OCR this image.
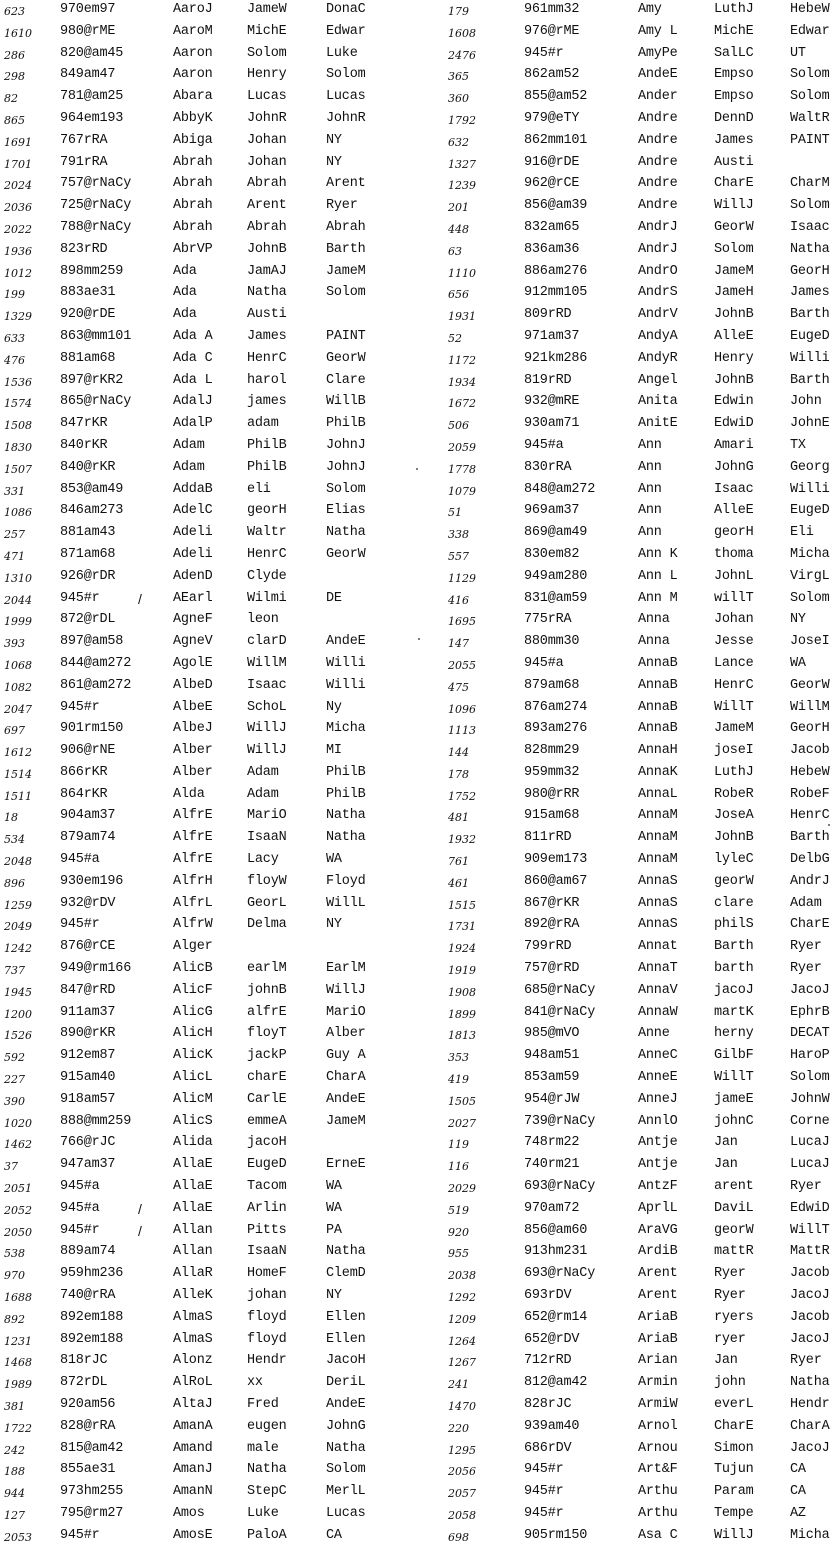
623	970em97	AaroJ	JameW	DonaC
1610 980@rME	AaroM	MichE	Edwar
286	820@am45	Aaron	Solom	Luke
298	849am47	Aaron	Henry	Solom
82	781@am25	Abara	Lucas	Lucas
865	964em193	AbbyK	JohnR	JohnR
1691 767rRA	Abiga	Johan	NY
1701 791rRA	Abrah	Johan	NY
2024 757@rNaCy	Abrah	Abrah	Arent
2036 725@rNaCy	Abrah	Arent	Ryer
2022 788@rNaCy	Abrah	Abrah	Abrah
1936 823rRD	AbrVP	JohnB	Barth
1012 898mm259	Ada	JamAJ	JameM
199	883ae31	Ada	Natha	Solom
1329 920@rDE	Ada	Austi
633	863@mm101	Ada A	James	PAINT
476	881am68	Ada C	HenrC	GeorW
1536 897@rKR2	Ada L	harol	Clare
1574 865@rNaCy	AdalJ	james	WillB
1508 847rKR	AdalP	adam	PhilB
1830 840rKR	Adam	PhilB	JohnJ
1507 840@rKR	Adam	PhilB	JohnJ
331	853@am49	AddaB	eli	Solom
1086 846am273	AdelC	georH	Elias
257	881am43	Adeli	Waltr	Natha
471	871am68	Adeli	HenrC	GeorW
1310 926@rDR	AdenD	Clyde
2044 945#r	AEarl	Wilmi	DE
/
1999 872@rDL	AgneF	leon
393	897@am58	AgneV	clarD	AndeE
1068 844@am272	AgolE	WillM	Willi
1082 861@am272	AlbeD	Isaac	Willi
2047 945#r	AlbeE	SchoL	Ny
697	901rm150	AlbeJ	WillJ	Micha
1612 906@rNE	Alber	WillJ	MI
1514 866rKR	Alber	Adam	PhilB
1511 864rKR	Alda	Adam	PhilB
18	904am37	AlfrE	MariO	Natha
534	879am74	AlfrE	IsaaN	Natha
2048 945#a	AlfrE	Lacy	WA
896	930em196	AlfrH	floyW	Floyd
1259 932@rDV	AlfrL	GeorL	WillL
2049 945#r	AlfrW	Delma	NY
1242 876@rCE	Alger
737	949@rm166	AlicB	earlM	EarlM
1945 847@rRD	AlicF	johnB	WillJ
1200 911am37	AlicG	alfrE	MariO
1526 890@rKR	AlicH	floyT	Alber
592	912em87	AlicK	jackP	Guy A
227	915am40	AlicL	charE	CharA
390	918am57	AlicM	CarlE	AndeE
1020 888@mm259	AlicS	emmeA	JameM
1462 766@rJC	Alida	jacoH
37	947am37	AllaE	EugeD	ErneE
2051 945#a	AllaE	Tacom	WA
2052 945#a	AllaE	Arlin	WA
/
2050 945#r	Allan	Pitts	PA
/
538	889am74	Allan	IsaaN	Natha
970	959hm236	AllaR	HomeF	ClemD
1688 740@rRA	AlleK	johan	NY
892	892em188	AlmaS	floyd	Ellen
1231 892em188	AlmaS	floyd	Ellen
1468 818rJC	Alonz	Hendr	JacoH
1989 872rDL	AlRoL	xx	DeriL
381	920am56	AltaJ	Fred	AndeE
1722 828@rRA	AmanA	eugen	JohnG
242	815@am42	Amand	male	Natha
188	855ae31	AmanJ	Natha	Solom
944	973hm255	AmanN	StepC	MerlL
127	795@rm27	Amos	Luke	Lucas
2053 945#r	AmosE	PaloA	CA
179	961mm32	Amy	LuthJ	HebeW
1608	976@rME	Amy L	MichE	Edwar
2476	945#r	AmyPe	SalLC	UT
365	862am52	AndeE	Empso	Solom
360	855@am52	Ander	Empso	Solom
1792	979@eTY	Andre	DennD	WaltR
632	862mm101	Andre	James	PAINT
1327	916@rDE	Andre	Austi
1239	962@rCE	Andre	CharE	CharM
201	856@am39	Andre	WillJ	Solom
448	832am65	AndrJ	GeorW	Isaac
63	836am36	AndrJ	Solom	Natha
1110	886am276	AndrO	JameM	GeorH
656	912mm105	AndrS	JameH	James
1931	809rRD	AndrV	JohnB	Barth
52	971am37	AndyA	AlleE	EugeD
1172	921km286	AndyR	Henry	Willi
1934	819rRD	Angel	JohnB	Barth
1672	932@mRE	Anita	Edwin	John
506	930am71	AnitE	EdwiD	JohnE
2059	945#a	Ann	Amari	TX
1778	830rRA	Ann	JohnG	Georg
1079	848@am272	Ann	Isaac	Willi
51	969am37	Ann	AlleE	EugeD
338	869@am49	Ann	georH	Eli
557	830em82	Ann K	thoma	Micha
1129	949am280	Ann L	JohnL	VirgL
416	831@am59	Ann M	willT	Solom
1695	775rRA	Anna	Johan	NY
147	880mm30	Anna	Jesse	JoseI
2055	945#a	AnnaB	Lance	WA
475	879am68	AnnaB	HenrC	GeorW
1096	876am274	AnnaB	WillT	WillM
1113	893am276	AnnaB	JameM	GeorH
144	828mm29	AnnaH	joseI	Jacob
178	959mm32	AnnaK	LuthJ	HebeW
1752	980@rRR	AnnaL	RobeR	RobeF
481	915am68	AnnaM	JoseA	HenrC
1932	811rRD	AnnaM	JohnB	Barth
761	909em173	AnnaM	lyleC	DelbG
461	860@am67	AnnaS	georW	AndrJ
1515	867@rKR	AnnaS	clare	Adam
1731	892@rRA	AnnaS	philS	CharE
1924	799rRD	Annat	Barth	Ryer
1919	757@rRD	AnnaT	barth	Ryer
1908	685@rNaCy	AnnaV	jacoJ	JacoJ
1899	841@rNaCy	AnnaW	martK	EphrB
1813	985@mVO	Anne	herny	DECAT
353	948am51	AnneC	GilbF	HaroP
419	853am59	AnneE	WillT	Solom
1505	954@rJW	AnneJ	jameE	JohnW
2027	739@rNaCy	AnnlO	johnC	Corne
119	748rm22	Antje	Jan	LucaJ
116	740rm21	Antje	Jan	LucaJ
2029	693@rNaCy	AntzF	arent	Ryer
519	970am72	AprlL	DaviL	EdwiD
920	856@am60	AraVG	georW	WillT
955	913hm231	ArdiB	mattR	MattR
2038	693@rNaCy	Arent	Ryer	Jacob
1292	693rDV	Arent	Ryer	JacoJ
1209	652@rm14	AriaB	ryers	Jacob
1264	652@rDV	AriaB	ryer	JacoJ
1267	712rRD	Arian	Jan	Ryer
241	812@am42	Armin	john	Natha
1470	828rJC	ArmiW	everL	Hendr
220	939am40	Arnol	CharE	CharA
1295	686rDV	Arnou	Simon	JacoJ
2056	945#r	Art&F	Tujun	CA
2057	945#r	Arthu	Param	CA
2058	945#r	Arthu	Tempe	AZ
698	905rm150	Asa C	WillJ	Micha
